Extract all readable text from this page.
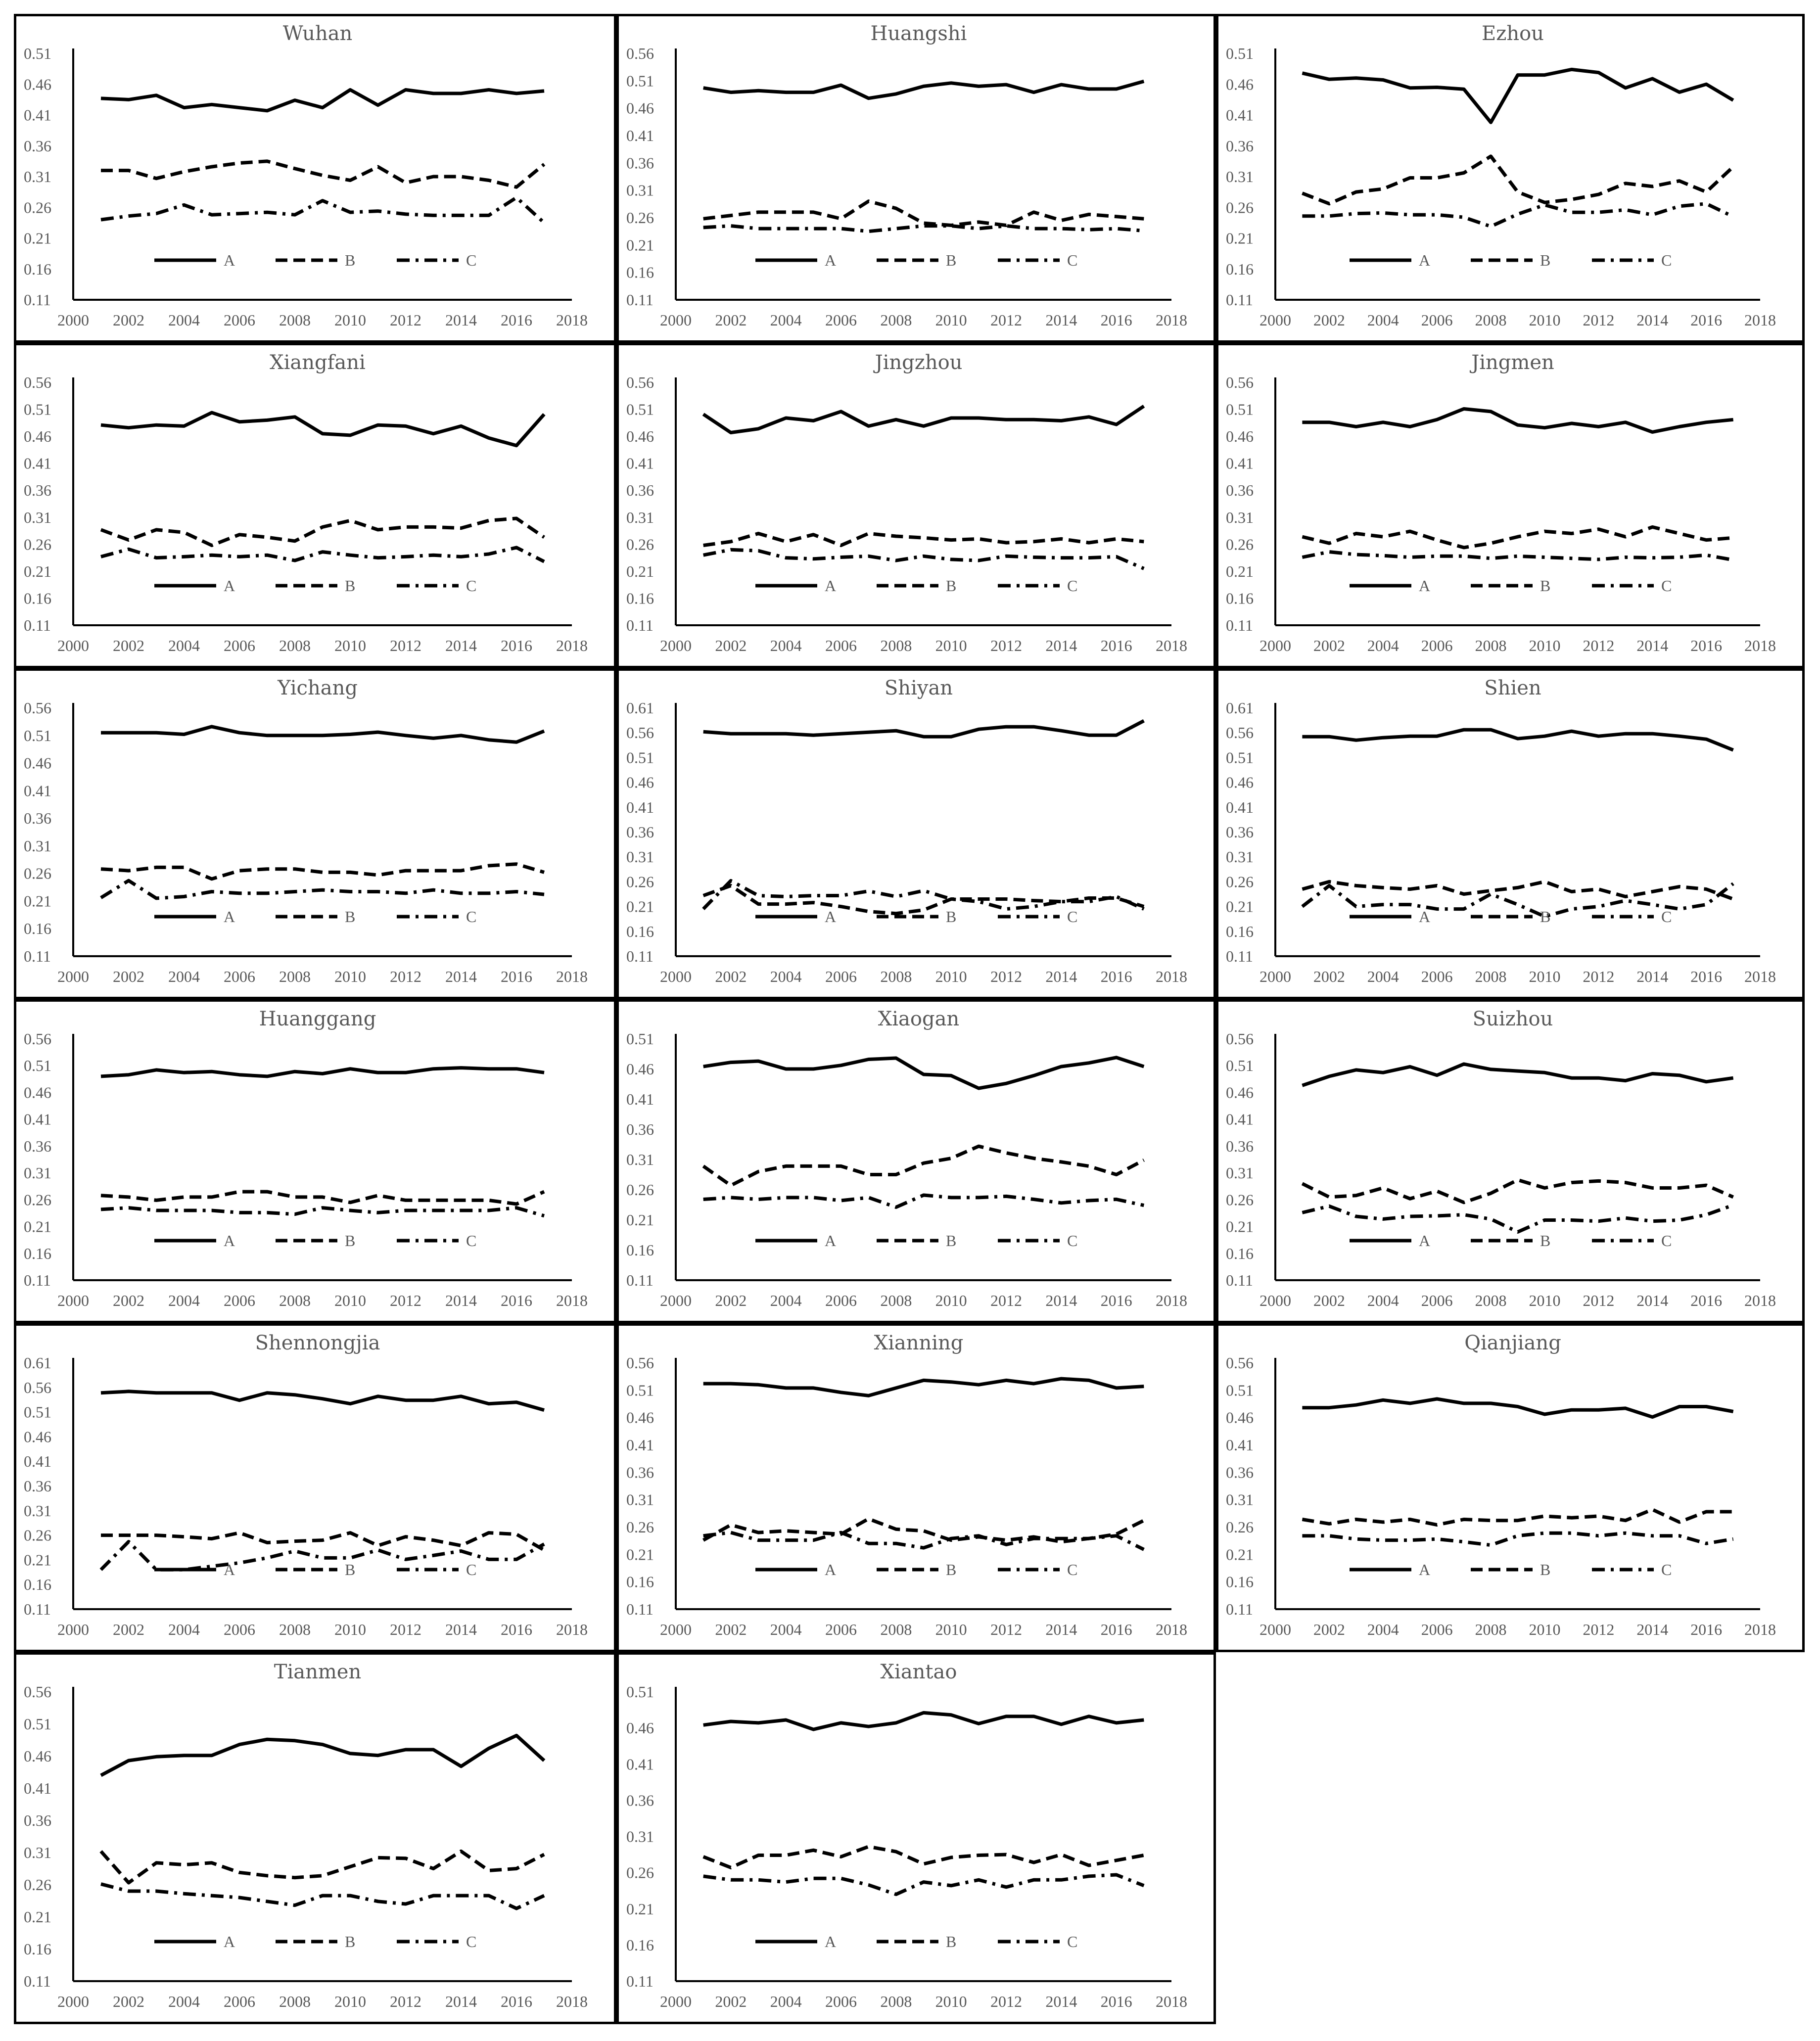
Wuhan
0.11
0.16
0.21
0.26
0.31
0.36
0.41
0.46
0.51
2000 2002 2004 2006 2008 2010 2012 2014 2016 2018
A	B	C
Huangshi
0.11
0.16
0.21
0.26
0.31
0.36
0.41
0.46
0.51
0.56
2000 2002 2004 2006 2008 2010 2012 2014 2016 2018
A	B	C
Ezhou
0.11
0.16
0.21
0.26
0.31
0.36
0.41
0.46
0.51
2000 2002 2004 2006 2008 2010 2012 2014 2016 2018
A	B	C
Xiangfani
0.11
0.16
0.21
0.26
0.31
0.36
0.41
0.46
0.51
0.56
2000 2002 2004 2006 2008 2010 2012 2014 2016 2018
A	B	C
Jingzhou
0.11
0.16
0.21
0.26
0.31
0.36
0.41
0.46
0.51
0.56
2000 2002 2004 2006 2008 2010 2012 2014 2016 2018
A	B	C
Jingmen
0.11
0.16
0.21
0.26
0.31
0.36
0.41
0.46
0.51
0.56
2000 2002 2004 2006 2008 2010 2012 2014 2016 2018
A	B	C
Yichang
0.11
0.16
0.21
0.26
0.31
0.36
0.41
0.46
0.51
0.56
2000 2002 2004 2006 2008 2010 2012 2014 2016 2018
A	B	C
Shiyan
0.11
0.16
0.21
0.26
0.31
0.36
0.41
0.46
0.51
0.56
0.61
2000 2002 2004 2006 2008 2010 2012 2014 2016 2018
A	B	C
Shien
0.11
0.16
0.21
0.26
0.31
0.36
0.41
0.46
0.51
0.56
0.61
2000 2002 2004 2006 2008 2010 2012 2014 2016 2018
A	B	C
Huanggang
0.11
0.16
0.21
0.26
0.31
0.36
0.41
0.46
0.51
0.56
2000 2002 2004 2006 2008 2010 2012 2014 2016 2018
A	B	C
Xiaogan
0.11
0.16
0.21
0.26
0.31
0.36
0.41
0.46
0.51
2000 2002 2004 2006 2008 2010 2012 2014 2016 2018
A	B	C
Suizhou
0.11
0.16
0.21
0.26
0.31
0.36
0.41
0.46
0.51
0.56
2000 2002 2004 2006 2008 2010 2012 2014 2016 2018
A	B	C
Shennongjia
0.11
0.16
0.21
0.26
0.31
0.36
0.41
0.46
0.51
0.56
0.61
2000 2002 2004 2006 2008 2010 2012 2014 2016 2018
A	B	C
Xianning
0.11
0.16
0.21
0.26
0.31
0.36
0.41
0.46
0.51
0.56
2000 2002 2004 2006 2008 2010 2012 2014 2016 2018
A	B	C
Qianjiang
0.11
0.16
0.21
0.26
0.31
0.36
0.41
0.46
0.51
0.56
2000 2002 2004 2006 2008 2010 2012 2014 2016 2018
A	B	C
Tianmen
0.11
0.16
0.21
0.26
0.31
0.36
0.41
0.46
0.51
0.56
2000 2002 2004 2006 2008 2010 2012 2014 2016 2018
A	B	C
Xiantao
0.11
0.16
0.21
0.26
0.31
0.36
0.41
0.46
0.51
2000 2002 2004 2006 2008 2010 2012 2014 2016 2018
A	B	C
